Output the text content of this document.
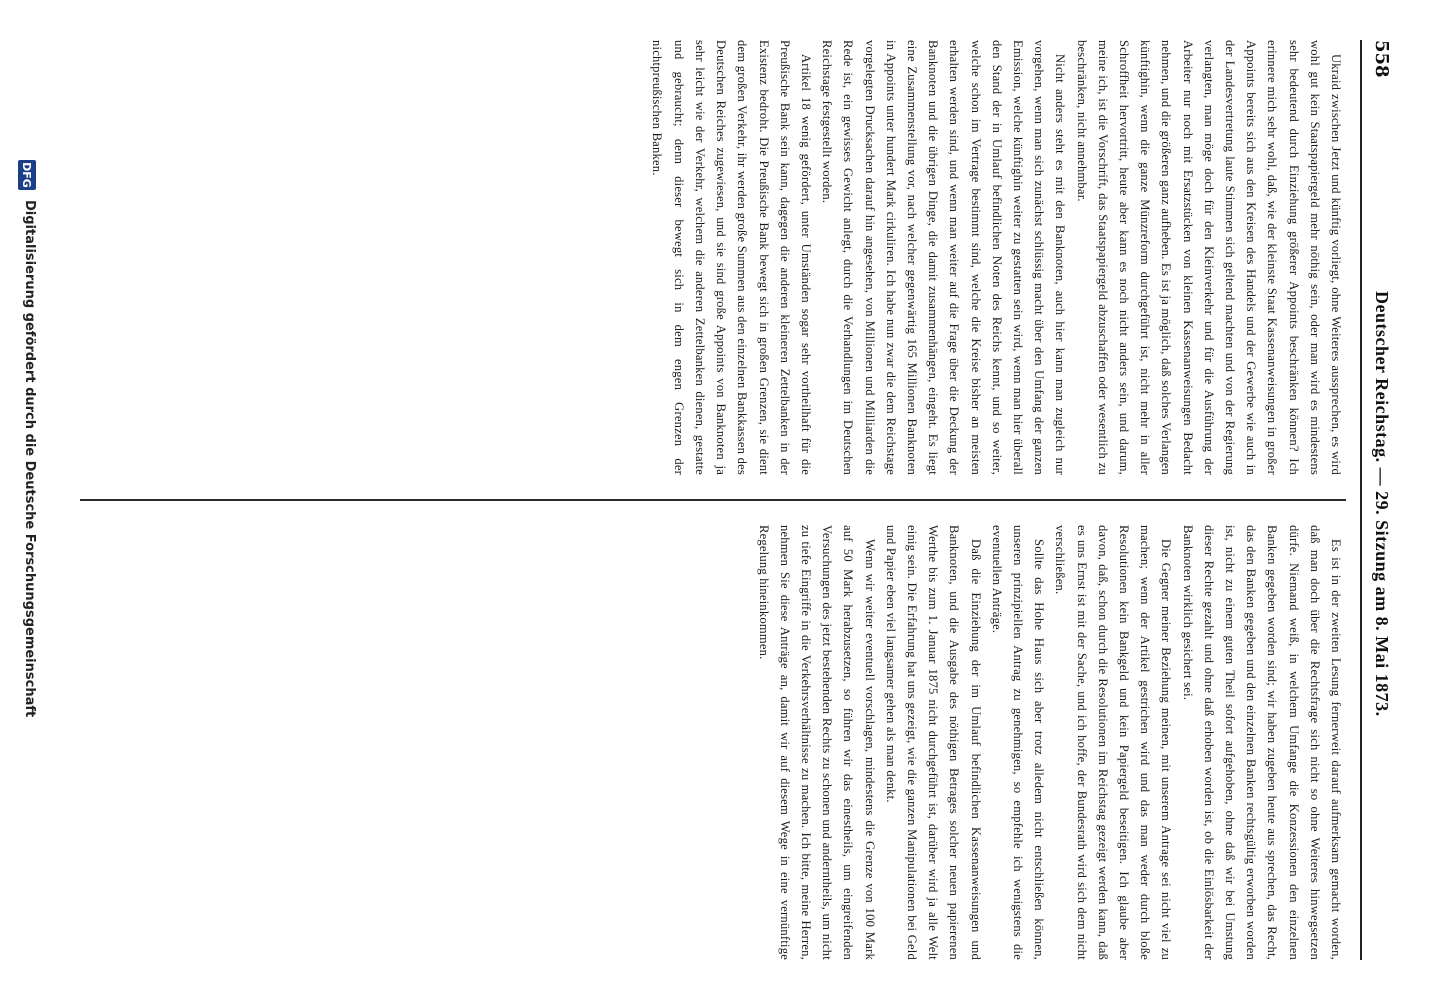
558
Deutscher Reichstag. — 29. Sitzung am 8. Mai 1873.

Ukraid zwischen Jetzt und künftig vorliegt, ohne Weiteres aussprechen, es wird wohl gut kein Staatspapiergeld mehr nöthig sein, oder man wird es mindestens sehr bedeutend durch Einziehung größerer Appoints beschränken können? Ich erinnere mich sehr wohl, daß, wie der kleinste Staat Kassenanweisungen in großer Appoints bereits sich aus den Kreisen des Handels und der Gewerbe wie auch in der Landesvertretung laute Stimmen sich geltend machten und von der Regierung verlangten, man möge doch für den Kleinverkehr und für die Ausführung der Arbeiter nur noch mit Ersatzstücken von kleinen Kassenanweisungen Bedacht nehmen, und die größeren ganz aufheben. Es ist ja möglich, daß solches Verlangen künftighin, wenn die ganze Münzreform durchgeführt ist, nicht mehr in aller Schroffheit hervortritt, heute aber kann es noch nicht anders sein, und darum, meine ich, ist die Vorschrift, das Staatspapiergeld abzuschaffen oder wesentlich zu beschränken, nicht annehmbar.

Nicht anders steht es mit den Banknoten, auch hier kann man zugleich nur vorgehen, wenn man sich zunächst schlüssig macht über den Umfang der ganzen Emission, welche künftighin weiter zu gestatten sein wird, wenn man hier überall den Stand der in Umlauf befindlichen Noten des Reichs kennt, und so weiter, welche schon im Vertrage bestimmt sind, welche die Kreise bisher an meisten erhalten werden sind, und wenn man weiter auf die Frage über die Deckung der Banknoten und die übrigen Dinge, die damit zusammenhängen, eingeht. Es liegt eine Zusammenstellung vor, nach welcher gegenwärtig 165 Millionen Banknoten in Appoints unter hundert Mark cirkuliren. Ich habe nun zwar die dem Reichstage vorgelegten Drucksachen darauf hin angesehen, von Millionen und Milliarden die Rede ist, ein gewisses Gewicht anlegt, durch die Verhandlungen im Deutschen Reichstage festgestellt worden.

Artikel 18 wenig gefördert, unter Umständen sogar sehr vortheilhaft für die Preußische Bank sein kann, dagegen die anderen kleineren Zettelbanken in der Existenz bedroht. Die Preußische Bank bewegt sich in großen Grenzen, sie dient dem großen Verkehr, ihr werden große Summen aus den einzelnen Bankkassen des Deutschen Reiches zugewiesen, und sie sind große Appoints von Banknoten ja sehr leicht wie der Verkehr, welchem die anderen Zettelbanken dienen, gestatte und gebraucht; denn dieser bewegt sich in dem engen Grenzen der nichtpreußischen Banken.

Es ist in der zweiten Lesung fernerweit darauf aufmerksam gemacht worden, daß man doch über die Rechtsfrage sich nicht so ohne Weiteres hinwegsetzen dürfe. Niemand weiß, in welchem Umfange die Konzessionen den einzelnen Banken gegeben worden sind; wir haben zugeben heute aus sprechen, das Recht, das den Banken gegeben und den einzelnen Banken rechtsgültig erworben worden ist, nicht zu einem guten Theil sofort aufgehoben, ohne daß wir bei Umstung dieser Rechte gezahlt und ohne daß erhoben worden ist, ob die Einlösbarkeit der Banknoten wirklich gesichert sei.

Die Gegner meiner Beziehung meinen, mit unserem Antrage sei nicht viel zu machen; wenn der Artikel gestrichen wird und das man weder durch bloße Resolutionen kein Bankgeld und kein Papiergeld beseitigen. Ich glaube aber davon, daß, schon durch die Resolutionen im Reichstag gezeigt werden kann, daß es uns Ernst ist mit der Sache, und ich hoffe, der Bundesrath wird sich dem nicht verschließen.

Sollte das Hohe Haus sich aber trotz alledem nicht entschließen können, unseren prinzipiellen Antrag zu genehmigen, so empfehle ich wenigstens die eventuellen Anträge.

Daß die Einziehung der im Umlauf befindlichen Kassenanweisungen und Banknoten, und die Ausgabe des nöthigen Betrages solcher neuen papierenen Werthe bis zum 1. Januar 1875 nicht durchgeführt ist, darüber wird ja alle Welt einig sein. Die Erfahrung hat uns gezeigt, wie die ganzen Manipulationen bei Geld und Papier eben viel langsamer gehen als man denkt.

Wenn wir weiter eventuell vorschlagen, mindestens die Grenze von 100 Mark auf 50 Mark herabzusetzen, so führen wir das einestheils, um eingreifenden Versuchungen des jetzt bestehenden Rechts zu schonen und anderntheils, um nicht zu tiefe Eingriffe in die Verkehrsverhältnisse zu machen. Ich bitte, meine Herren, nehmen Sie diese Anträge an, damit wir auf diesem Wege in eine vernünftige Regelung hineinkommen.

DFG
Digitalisierung gefördert durch die Deutsche Forschungsgemeinschaft
